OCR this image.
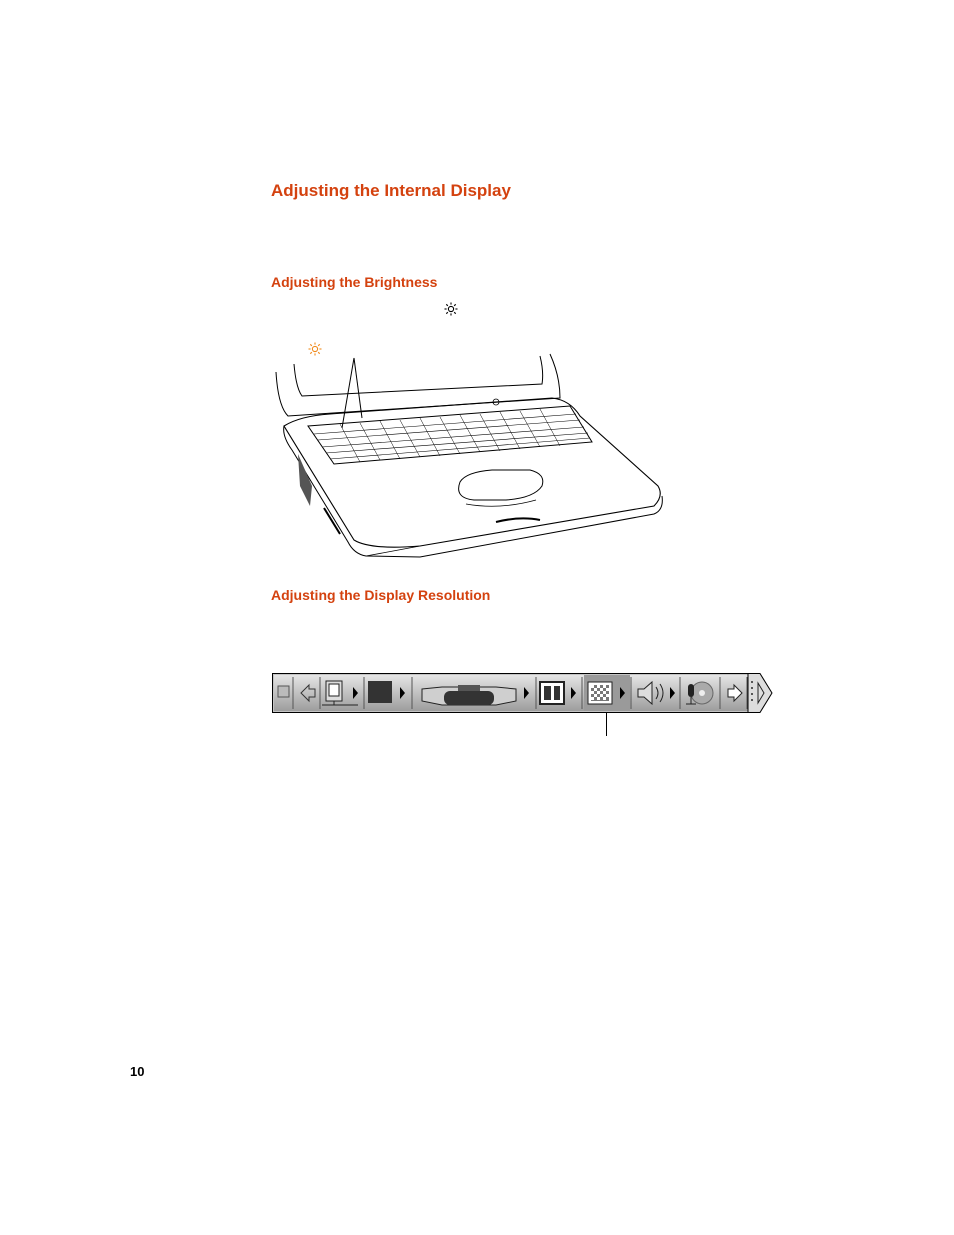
Adjusting the Internal Display
Adjusting the Brightness
Adjusting the Display Resolution
10
